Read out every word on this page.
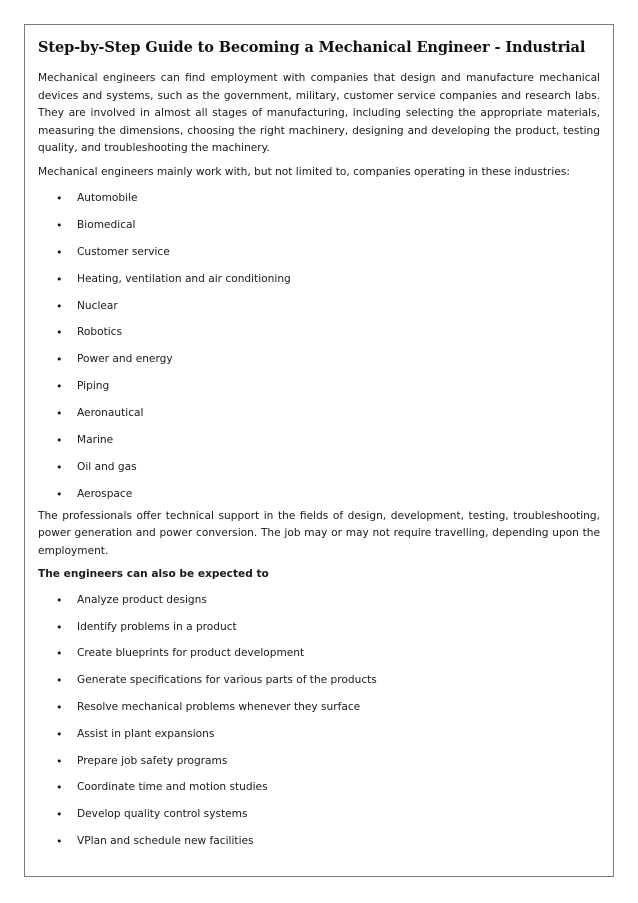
Step-by-Step Guide to Becoming a Mechanical Engineer - Industrial

Mechanical engineers can find employment with companies that design and manufacture mechanical devices and systems, such as the government, military, customer service companies and research labs. They are involved in almost all stages of manufacturing, including selecting the appropriate materials, measuring the dimensions, choosing the right machinery, designing and developing the product, testing quality, and troubleshooting the machinery.

Mechanical engineers mainly work with, but not limited to, companies operating in these industries:

• Automobile
• Biomedical
• Customer service
• Heating, ventilation and air conditioning
• Nuclear
• Robotics
• Power and energy
• Piping
• Aeronautical
• Marine
• Oil and gas
• Aerospace

The professionals offer technical support in the fields of design, development, testing, troubleshooting, power generation and power conversion. The job may or may not require travelling, depending upon the employment.

The engineers can also be expected to

• Analyze product designs
• Identify problems in a product
• Create blueprints for product development
• Generate specifications for various parts of the products
• Resolve mechanical problems whenever they surface
• Assist in plant expansions
• Prepare job safety programs
• Coordinate time and motion studies
• Develop quality control systems
• VPlan and schedule new facilities
